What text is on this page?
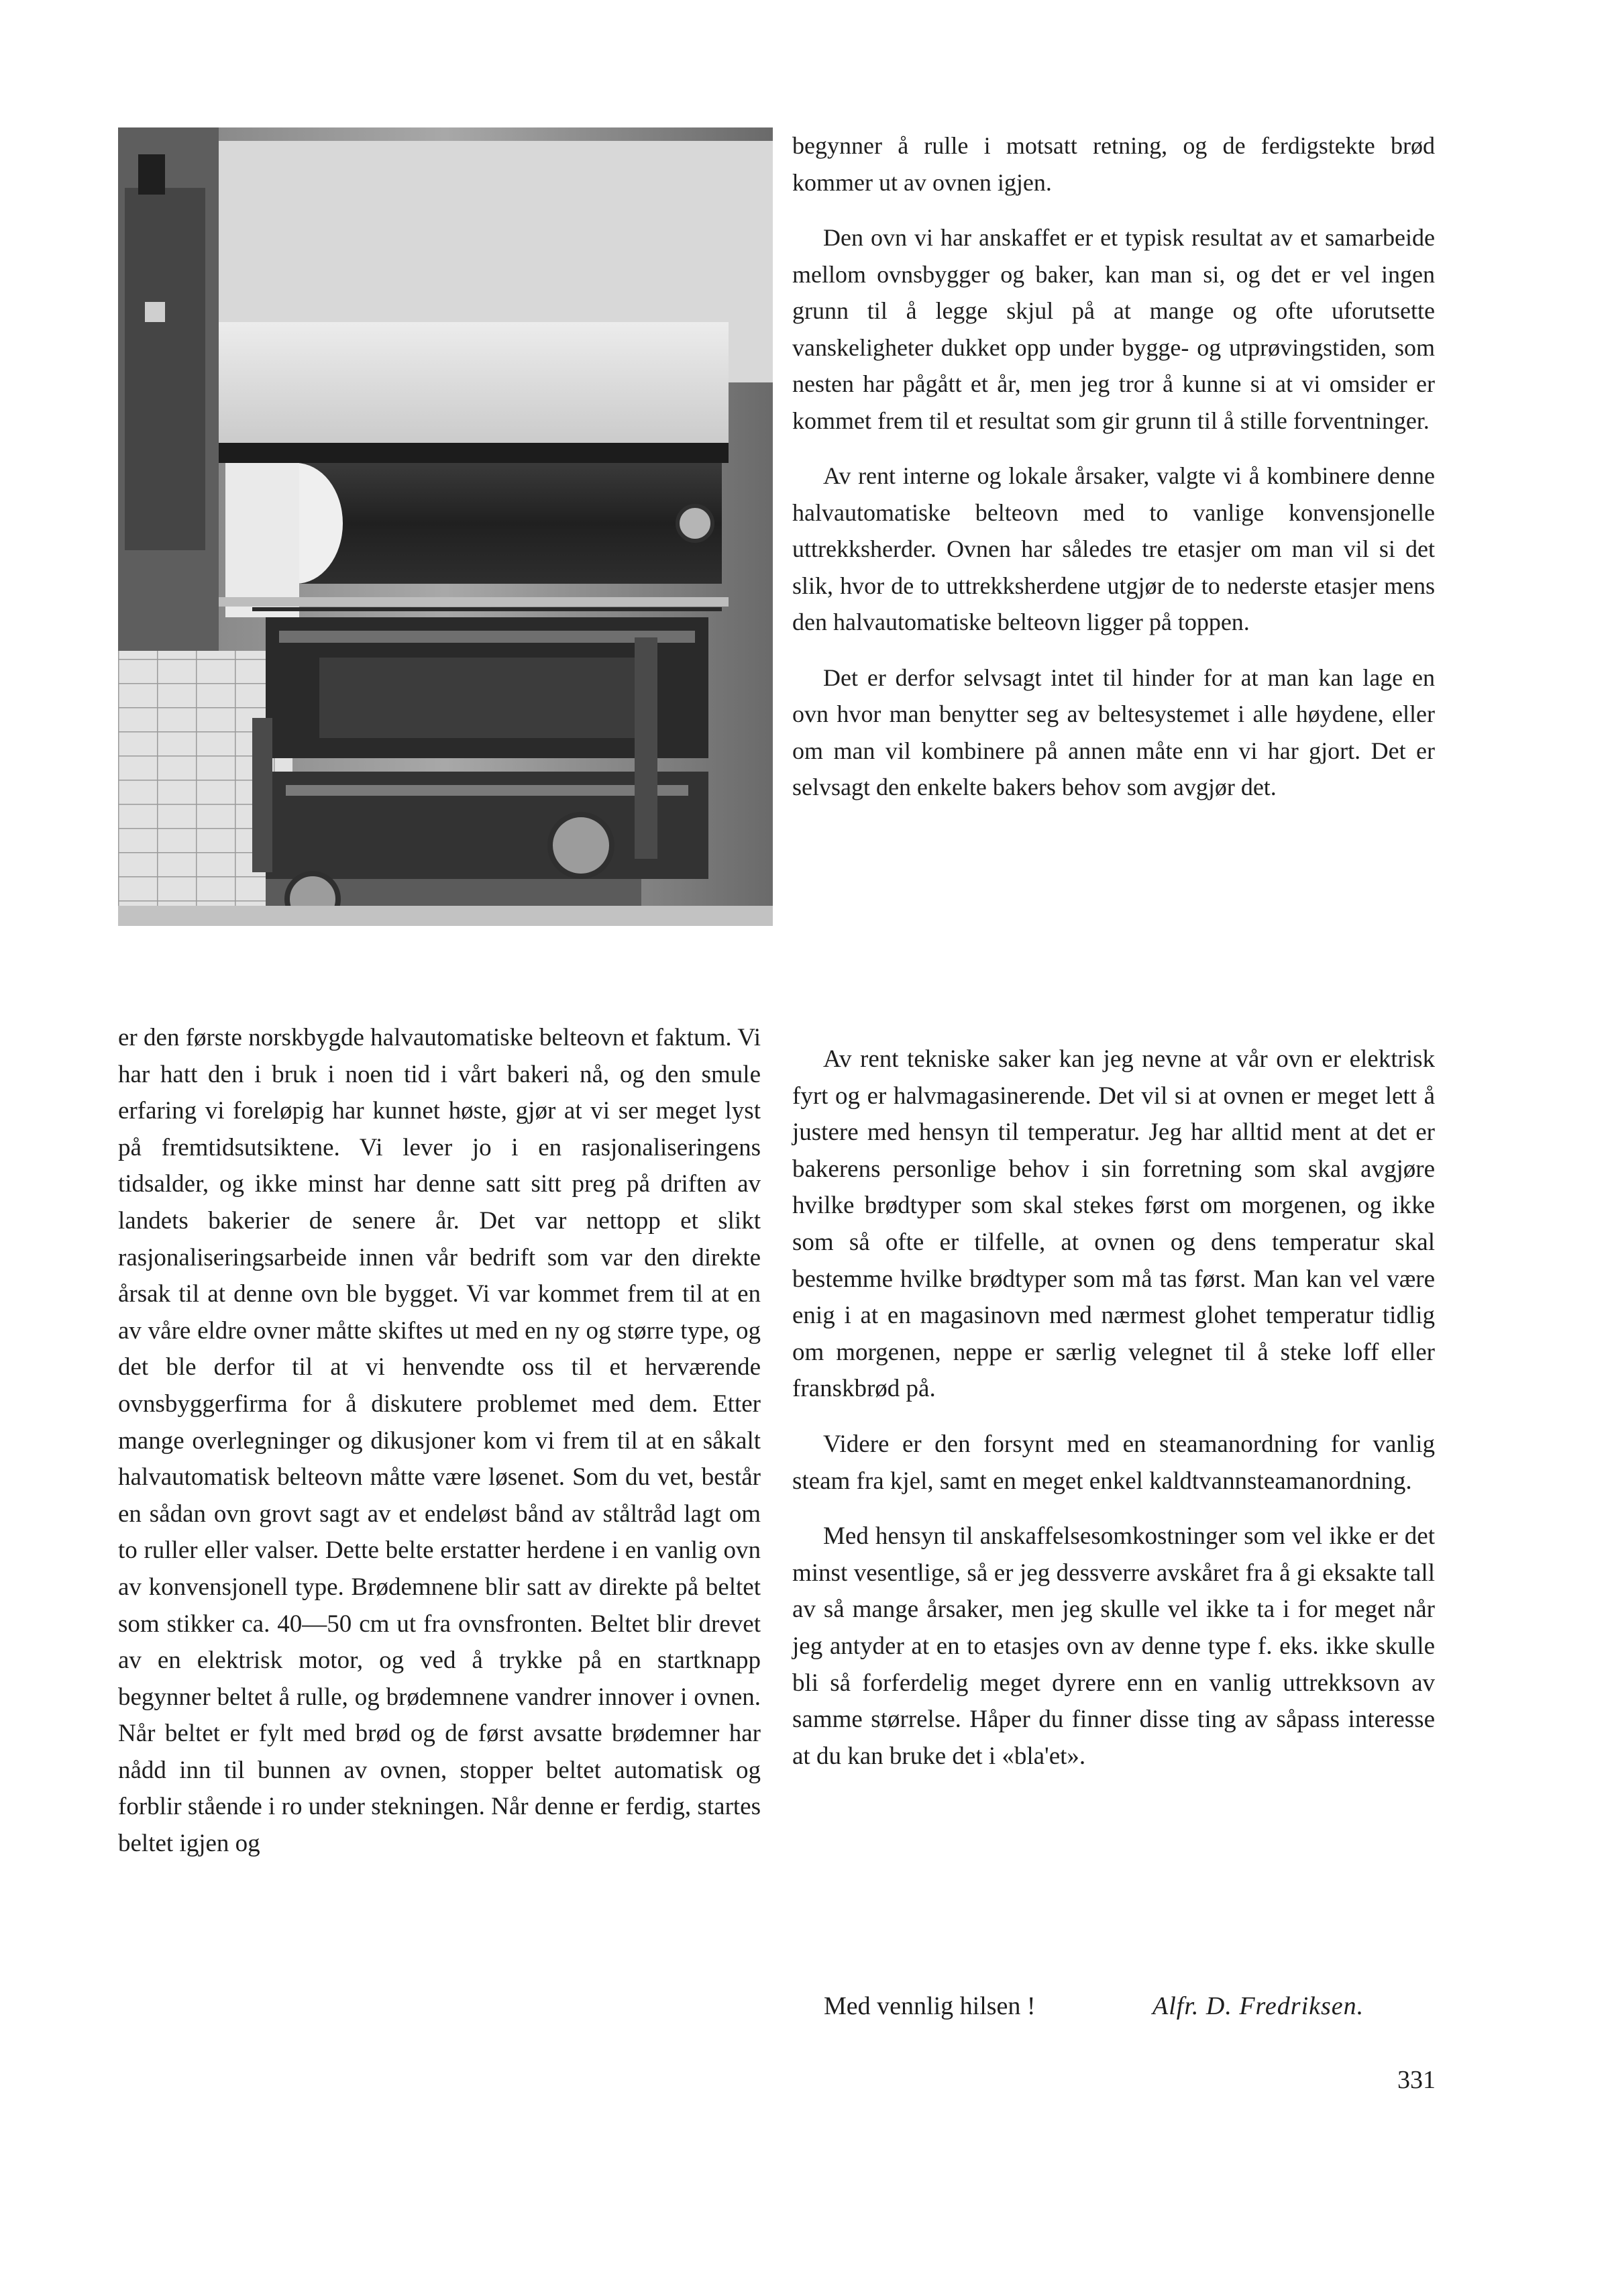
begynner å rulle i motsatt retning, og de ferdigstekte brød kommer ut av ovnen igjen.

Den ovn vi har anskaffet er et typisk resultat av et samarbeide mellom ovnsbygger og baker, kan man si, og det er vel ingen grunn til å legge skjul på at mange og ofte uforutsette vanskeligheter dukket opp under bygge- og utprøvingstiden, som nesten har pågått et år, men jeg tror å kunne si at vi omsider er kommet frem til et resultat som gir grunn til å stille forventninger.

Av rent interne og lokale årsaker, valgte vi å kombinere denne halvautomatiske belteovn med to vanlige konvensjonelle uttrekksherder. Ovnen har således tre etasjer om man vil si det slik, hvor de to uttrekksherdene utgjør de to nederste etasjer mens den halvautomatiske belteovn ligger på toppen.

Det er derfor selvsagt intet til hinder for at man kan lage en ovn hvor man benytter seg av beltesystemet i alle høydene, eller om man vil kombinere på annen måte enn vi har gjort. Det er selvsagt den enkelte bakers behov som avgjør det.

er den første norskbygde halvautomatiske belteovn et faktum. Vi har hatt den i bruk i noen tid i vårt bakeri nå, og den smule erfaring vi foreløpig har kunnet høste, gjør at vi ser meget lyst på fremtidsutsiktene. Vi lever jo i en rasjonaliseringens tidsalder, og ikke minst har denne satt sitt preg på driften av landets bakerier de senere år. Det var nettopp et slikt rasjonaliseringsarbeide innen vår bedrift som var den direkte årsak til at denne ovn ble bygget. Vi var kommet frem til at en av våre eldre ovner måtte skiftes ut med en ny og større type, og det ble derfor til at vi henvendte oss til et herværende ovnsbyggerfirma for å diskutere problemet med dem. Etter mange overlegninger og dikusjoner kom vi frem til at en såkalt halvautomatisk belteovn måtte være løsenet. Som du vet, består en sådan ovn grovt sagt av et endeløst bånd av ståltråd lagt om to ruller eller valser. Dette belte erstatter herdene i en vanlig ovn av konvensjonell type. Brødemnene blir satt av direkte på beltet som stikker ca. 40—50 cm ut fra ovnsfronten. Beltet blir drevet av en elektrisk motor, og ved å trykke på en startknapp begynner beltet å rulle, og brødemnene vandrer innover i ovnen. Når beltet er fylt med brød og de først avsatte brødemner har nådd inn til bunnen av ovnen, stopper beltet automatisk og forblir stående i ro under stekningen. Når denne er ferdig, startes beltet igjen og

Av rent tekniske saker kan jeg nevne at vår ovn er elektrisk fyrt og er halvmagasinerende. Det vil si at ovnen er meget lett å justere med hensyn til temperatur. Jeg har alltid ment at det er bakerens personlige behov i sin forretning som skal avgjøre hvilke brødtyper som skal stekes først om morgenen, og ikke som så ofte er tilfelle, at ovnen og dens temperatur skal bestemme hvilke brødtyper som må tas først. Man kan vel være enig i at en magasinovn med nærmest glohet temperatur tidlig om morgenen, neppe er særlig velegnet til å steke loff eller franskbrød på.

Videre er den forsynt med en steamanordning for vanlig steam fra kjel, samt en meget enkel kaldtvannsteamanordning.

Med hensyn til anskaffelsesomkostninger som vel ikke er det minst vesentlige, så er jeg dessverre avskåret fra å gi eksakte tall av så mange årsaker, men jeg skulle vel ikke ta i for meget når jeg antyder at en to etasjes ovn av denne type f. eks. ikke skulle bli så forferdelig meget dyrere enn en vanlig uttrekksovn av samme størrelse. Håper du finner disse ting av såpass interesse at du kan bruke det i «bla'et».

Med vennlig hilsen !	Alfr. D. Fredriksen.
331
